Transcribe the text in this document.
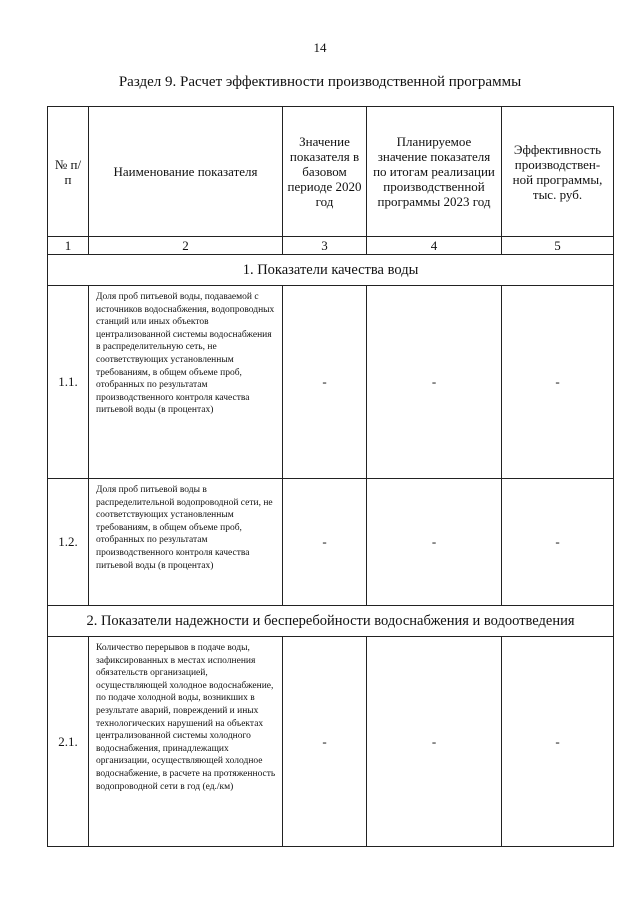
14
Раздел 9. Расчет эффективности производственной программы
№ п/п	Наименование показателя	Значение показателя в базовом периоде 2020 год	Планируемое значение показателя по итогам реализации производственной программы 2023 год	Эффективность производствен-ной программы, тыс. руб.
1	2	3	4	5
1. Показатели качества воды				
1.1.	Доля проб питьевой воды, подаваемой с источников водоснабжения, водопроводных станций или иных объектов централизованной системы водоснабжения в распределительную сеть, не соответствующих установленным требованиям, в общем объеме проб, отобранных по результатам производственного контроля качества питьевой воды (в процентах)	-	-	-
1.2.	Доля проб питьевой воды в распределительной водопроводной сети, не соответствующих установленным требованиям, в общем объеме проб, отобранных по результатам производственного контроля качества питьевой воды (в процентах)	-	-	-
2. Показатели надежности и бесперебойности водоснабжения и водоотведения				
2.1.	Количество перерывов в подаче воды, зафиксированных в местах исполнения обязательств организацией, осуществляющей холодное водоснабжение, по подаче холодной воды, возникших в результате аварий, повреждений и иных технологических нарушений на объектах централизованной системы холодного водоснабжения, принадлежащих организации, осуществляющей холодное водоснабжение, в расчете на протяженность водопроводной сети в год (ед./км)	-	-	-
